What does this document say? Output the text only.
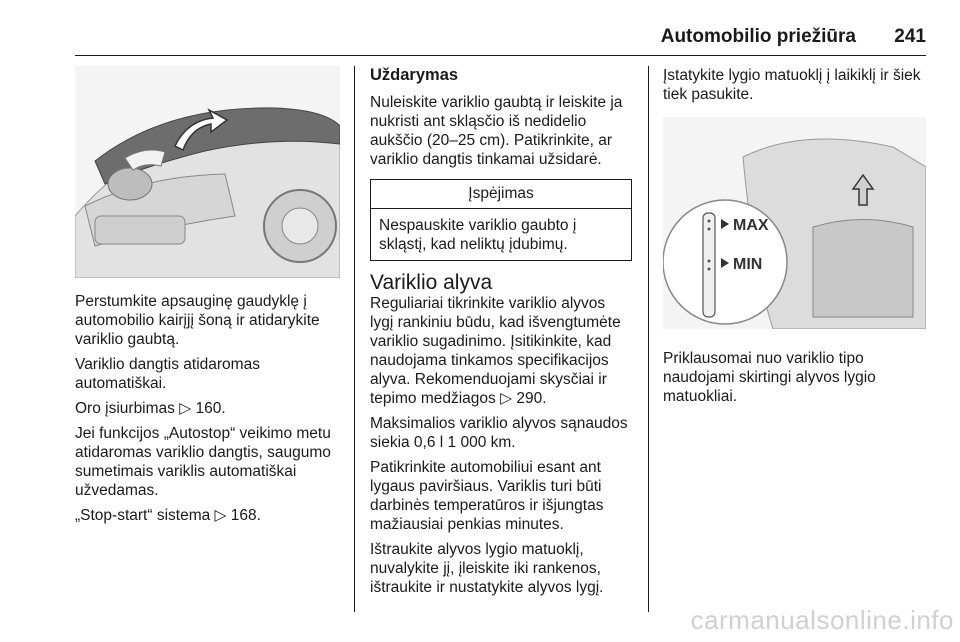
Automobilio priežiūra 241

Perstumkite apsauginę gaudyklę į automobilio kairįjį šoną ir atidarykite variklio gaubtą.

Variklio dangtis atidaromas automatiškai.

Oro įsiurbimas ▷ 160.

Jei funkcijos „Autostop“ veikimo metu atidaromas variklio dangtis, saugumo sumetimais variklis automatiškai užvedamas.

„Stop-start“ sistema ▷ 168.

Uždarymas

Nuleiskite variklio gaubtą ir leiskite ja nukristi ant skląsčio iš nedidelio aukščio (20–25 cm). Patikrinkite, ar variklio dangtis tinkamai užsidarė.

Įspėjimas
Nespauskite variklio gaubto į skląstį, kad neliktų įdubimų.
Variklio alyva

Reguliariai tikrinkite variklio alyvos lygį rankiniu būdu, kad išvengtumėte variklio sugadinimo. Įsitikinkite, kad naudojama tinkamos specifikacijos alyva. Rekomenduojami skysčiai ir tepimo medžiagos ▷ 290.

Maksimalios variklio alyvos sąnaudos siekia 0,6 l 1 000 km.

Patikrinkite automobiliui esant ant lygaus paviršiaus. Variklis turi būti darbinės temperatūros ir išjungtas mažiausiai penkias minutes.

Ištraukite alyvos lygio matuoklį, nuvalykite jį, įleiskite iki rankenos, ištraukite ir nustatykite alyvos lygį.

Įstatykite lygio matuoklį į laikiklį ir šiek tiek pasukite.

MAX
MIN

Priklausomai nuo variklio tipo naudojami skirtingi alyvos lygio matuokliai.

carmanualsonline.info
